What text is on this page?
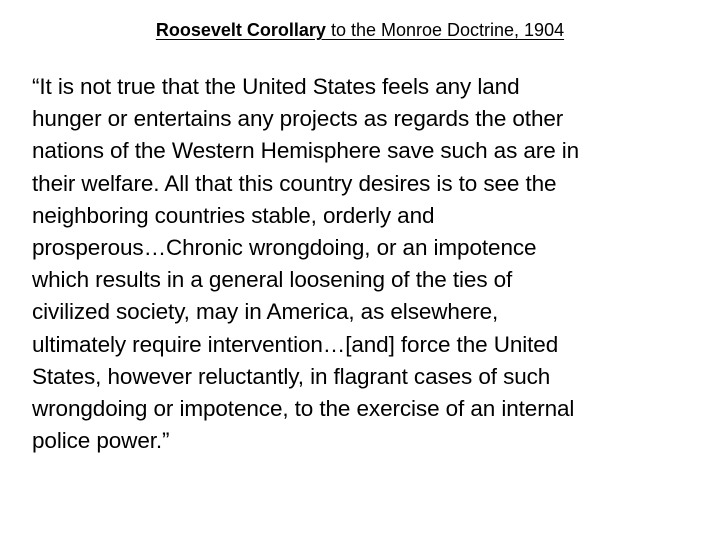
Roosevelt Corollary to the Monroe Doctrine, 1904
“It is not true that the United States feels any land
hunger or entertains any projects as regards the other
nations of the Western Hemisphere save such as are in
their welfare. All that this country desires is to see the
neighboring countries stable, orderly and
prosperous…Chronic wrongdoing, or an impotence
which results in a general loosening of the ties of
civilized society, may in America, as elsewhere,
ultimately require intervention…[and] force the United
States, however reluctantly, in flagrant cases of such
wrongdoing or impotence, to the exercise of an internal
police power.”
